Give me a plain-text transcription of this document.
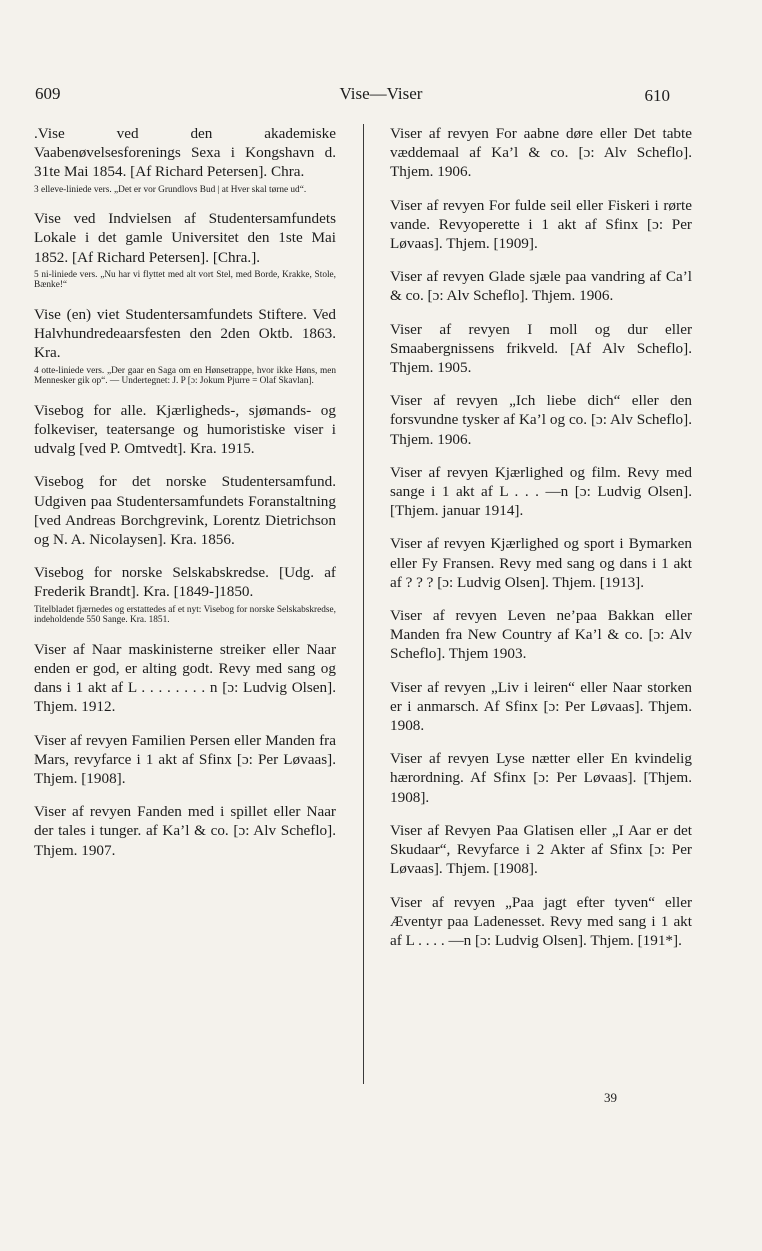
609	Vise—Viser	610
.Vise ved den akademiske Vaabenøvelsesforenings Sexa i Kongshavn d. 31te Mai 1854. [Af Richard Petersen]. Chra.
3 elleve-liniede vers. „Det er vor Grundlovs Bud | at Hver skal tørne ud“.
Vise ved Indvielsen af Studentersamfundets Lokale i det gamle Universitet den 1ste Mai 1852. [Af Richard Petersen]. [Chra.].
5 ni-liniede vers. „Nu har vi flyttet med alt vort Stel, med Borde, Krakke, Stole, Bænke!“
Vise (en) viet Studentersamfundets Stiftere. Ved Halvhundredeaarsfesten den 2den Oktb. 1863. Kra.
4 otte-liniede vers. „Der gaar en Saga om en Hønsetrappe, hvor ikke Høns, men Mennesker gik op“. — Undertegnet: J. P [ɔ: Jokum Pjurre = Olaf Skavlan].
Visebog for alle. Kjærligheds-, sjømands- og folkeviser, teatersange og humoristiske viser i udvalg [ved P. Omtvedt]. Kra. 1915.
Visebog for det norske Studentersamfund. Udgiven paa Studentersamfundets Foranstaltning [ved Andreas Borchgrevink, Lorentz Dietrichson og N. A. Nicolaysen]. Kra. 1856.
Visebog for norske Selskabskredse. [Udg. af Frederik Brandt]. Kra. [1849-]1850.
Titelbladet fjærnedes og erstattedes af et nyt: Visebog for norske Selskabskredse, indeholdende 550 Sange. Kra. 1851.
Viser af Naar maskinisterne streiker eller Naar enden er god, er alting godt. Revy med sang og dans i 1 akt af L . . . . . . . . n [ɔ: Ludvig Olsen]. Thjem. 1912.
Viser af revyen Familien Persen eller Manden fra Mars, revyfarce i 1 akt af Sfinx [ɔ: Per Løvaas]. Thjem. [1908].
Viser af revyen Fanden med i spillet eller Naar der tales i tunger. af Ka’l & co. [ɔ: Alv Scheflo]. Thjem. 1907.
Viser af revyen For aabne døre eller Det tabte væddemaal af Ka’l & co. [ɔ: Alv Scheflo]. Thjem. 1906.
Viser af revyen For fulde seil eller Fiskeri i rørte vande. Revyoperette i 1 akt af Sfinx [ɔ: Per Løvaas]. Thjem. [1909].
Viser af revyen Glade sjæle paa vandring af Ca’l & co. [ɔ: Alv Scheflo]. Thjem. 1906.
Viser af revyen I moll og dur eller Smaabergnissens frikveld. [Af Alv Scheflo]. Thjem. 1905.
Viser af revyen „Ich liebe dich“ eller den forsvundne tysker af Ka’l og co. [ɔ: Alv Scheflo]. Thjem. 1906.
Viser af revyen Kjærlighed og film. Revy med sange i 1 akt af L . . . —n [ɔ: Ludvig Olsen]. [Thjem. januar 1914].
Viser af revyen Kjærlighed og sport i Bymarken eller Fy Fransen. Revy med sang og dans i 1 akt af ? ? ? [ɔ: Ludvig Olsen]. Thjem. [1913].
Viser af revyen Leven ne’paa Bakkan eller Manden fra New Country af Ka’l & co. [ɔ: Alv Scheflo]. Thjem 1903.
Viser af revyen „Liv i leiren“ eller Naar storken er i anmarsch. Af Sfinx [ɔ: Per Løvaas]. Thjem. 1908.
Viser af revyen Lyse nætter eller En kvindelig hærordning. Af Sfinx [ɔ: Per Løvaas]. [Thjem. 1908].
Viser af Revyen Paa Glatisen eller „I Aar er det Skudaar“, Revyfarce i 2 Akter af Sfinx [ɔ: Per Løvaas]. Thjem. [1908].
Viser af revyen „Paa jagt efter tyven“ eller Æventyr paa Ladenesset. Revy med sang i 1 akt af L . . . . —n [ɔ: Ludvig Olsen]. Thjem. [191*].
39
